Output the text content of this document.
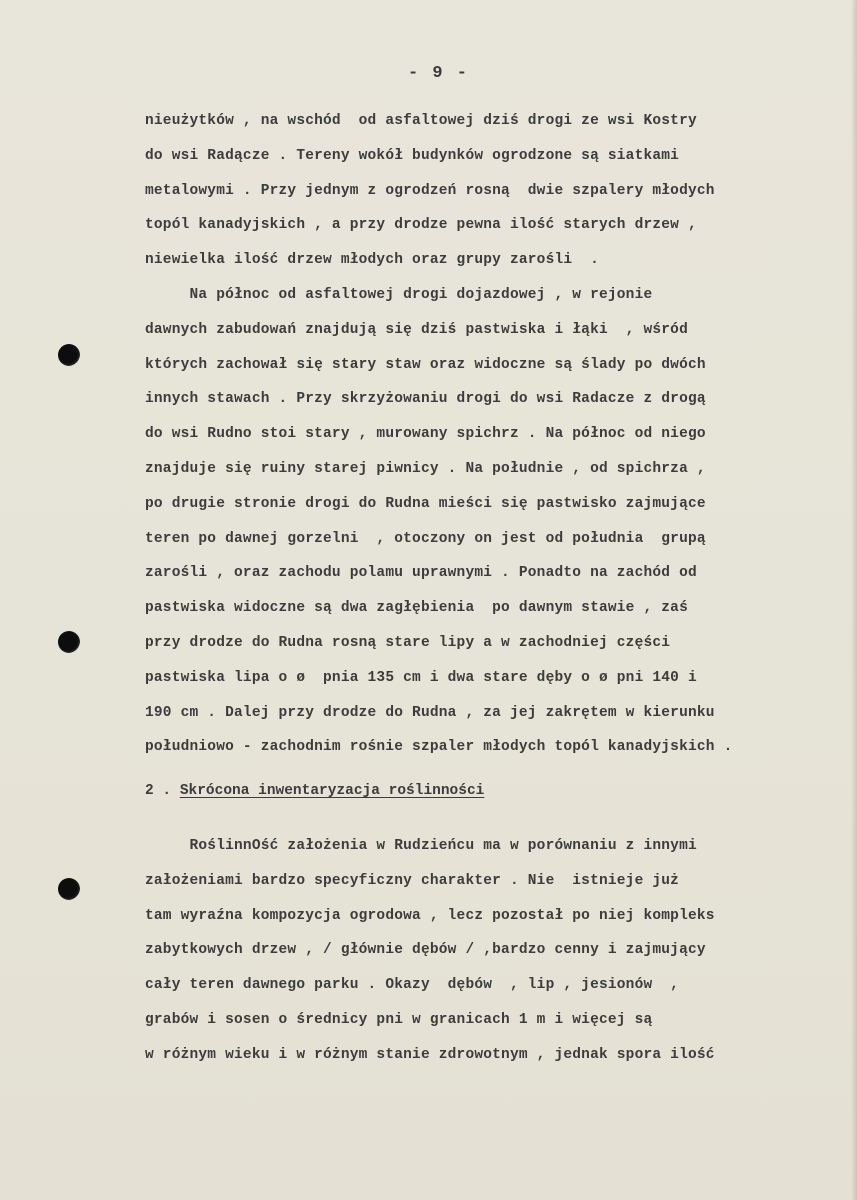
- 9 -
nieużytków , na wschód  od asfaltowej dziś drogi ze wsi Kostry
do wsi Radącze . Tereny wokół budynków ogrodzone są siatkami
metalowymi . Przy jednym z ogrodzeń rosną  dwie szpalery młodych
topól kanadyjskich , a przy drodze pewna ilość starych drzew ,
niewielka ilość drzew młodych oraz grupy zarośli  .
Na północ od asfaltowej drogi dojazdowej , w rejonie
dawnych zabudowań znajdują się dziś pastwiska i łąki  , wśród
których zachował się stary staw oraz widoczne są ślady po dwóch
innych stawach . Przy skrzyżowaniu drogi do wsi Radacze z drogą
do wsi Rudno stoi stary , murowany spichrz . Na północ od niego
znajduje się ruiny starej piwnicy . Na południe , od spichrza ,
po drugie stronie drogi do Rudna mieści się pastwisko zajmujące
teren po dawnej gorzelni  , otoczony on jest od południa  grupą
zarośli , oraz zachodu polamu uprawnymi . Ponadto na zachód od
pastwiska widoczne są dwa zagłębienia  po dawnym stawie , zaś
przy drodze do Rudna rosną stare lipy a w zachodniej części
pastwiska lipa o ø  pnia 135 cm i dwa stare dęby o ø pni 140 i
190 cm . Dalej przy drodze do Rudna , za jej zakrętem w kierunku
południowo - zachodnim rośnie szpaler młodych topól kanadyjskich .
2 . Skrócona inwentaryzacja roślinności
RoślinnOść założenia w Rudzieńcu ma w porównaniu z innymi
założeniami bardzo specyficzny charakter . Nie  istnieje już
tam wyraźna kompozycja ogrodowa , lecz pozostał po niej kompleks
zabytkowych drzew , / głównie dębów / ,bardzo cenny i zajmujący
cały teren dawnego parku . Okazy  dębów  , lip , jesionów  ,
grabów i sosen o średnicy pni w granicach 1 m i więcej są
w różnym wieku i w różnym stanie zdrowotnym , jednak spora ilość
